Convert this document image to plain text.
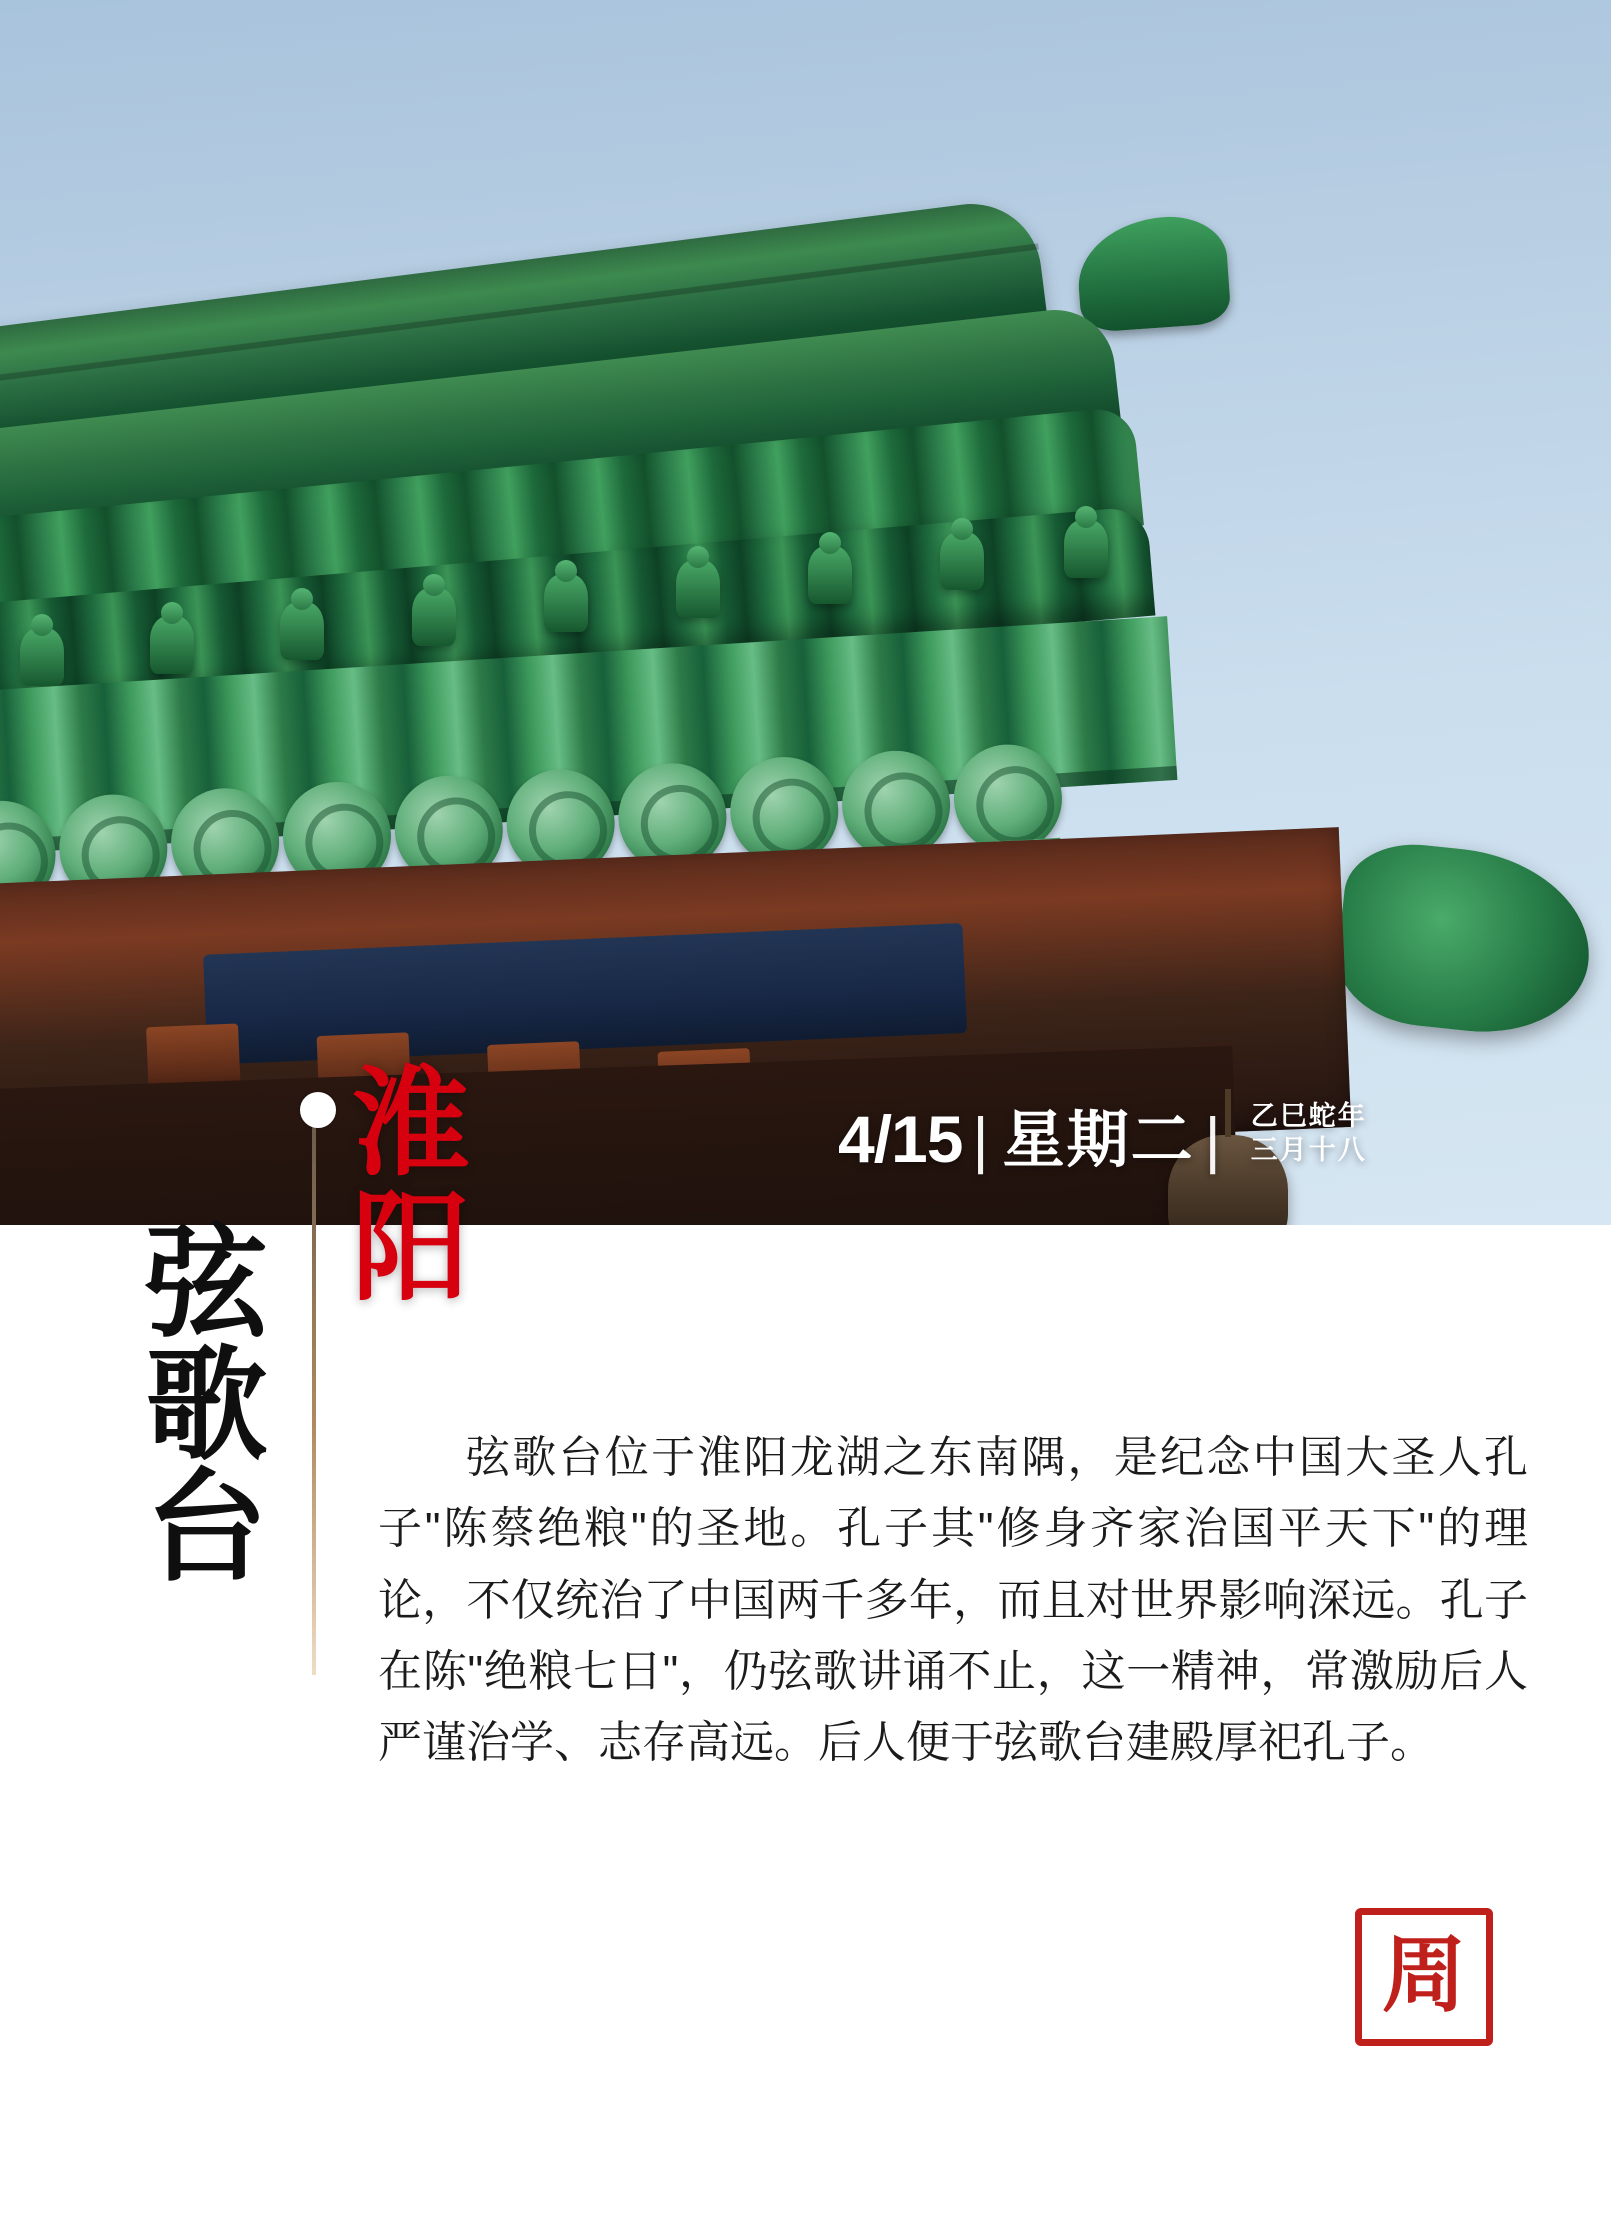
4/15 | 星期二 | 乙巳蛇年
三月十八
淮阳
弦歌台	弦歌台位于淮阳龙湖之东南隅，是纪念中国大圣人孔子"陈蔡绝粮"的圣地。孔子其"修身齐家治国平天下"的理论，不仅统治了中国两千多年，而且对世界影响深远。孔子在陈"绝粮七日"，仍弦歌讲诵不止，这一精神，常激励后人严谨治学、志存高远。后人便于弦歌台建殿厚祀孔子。
周
